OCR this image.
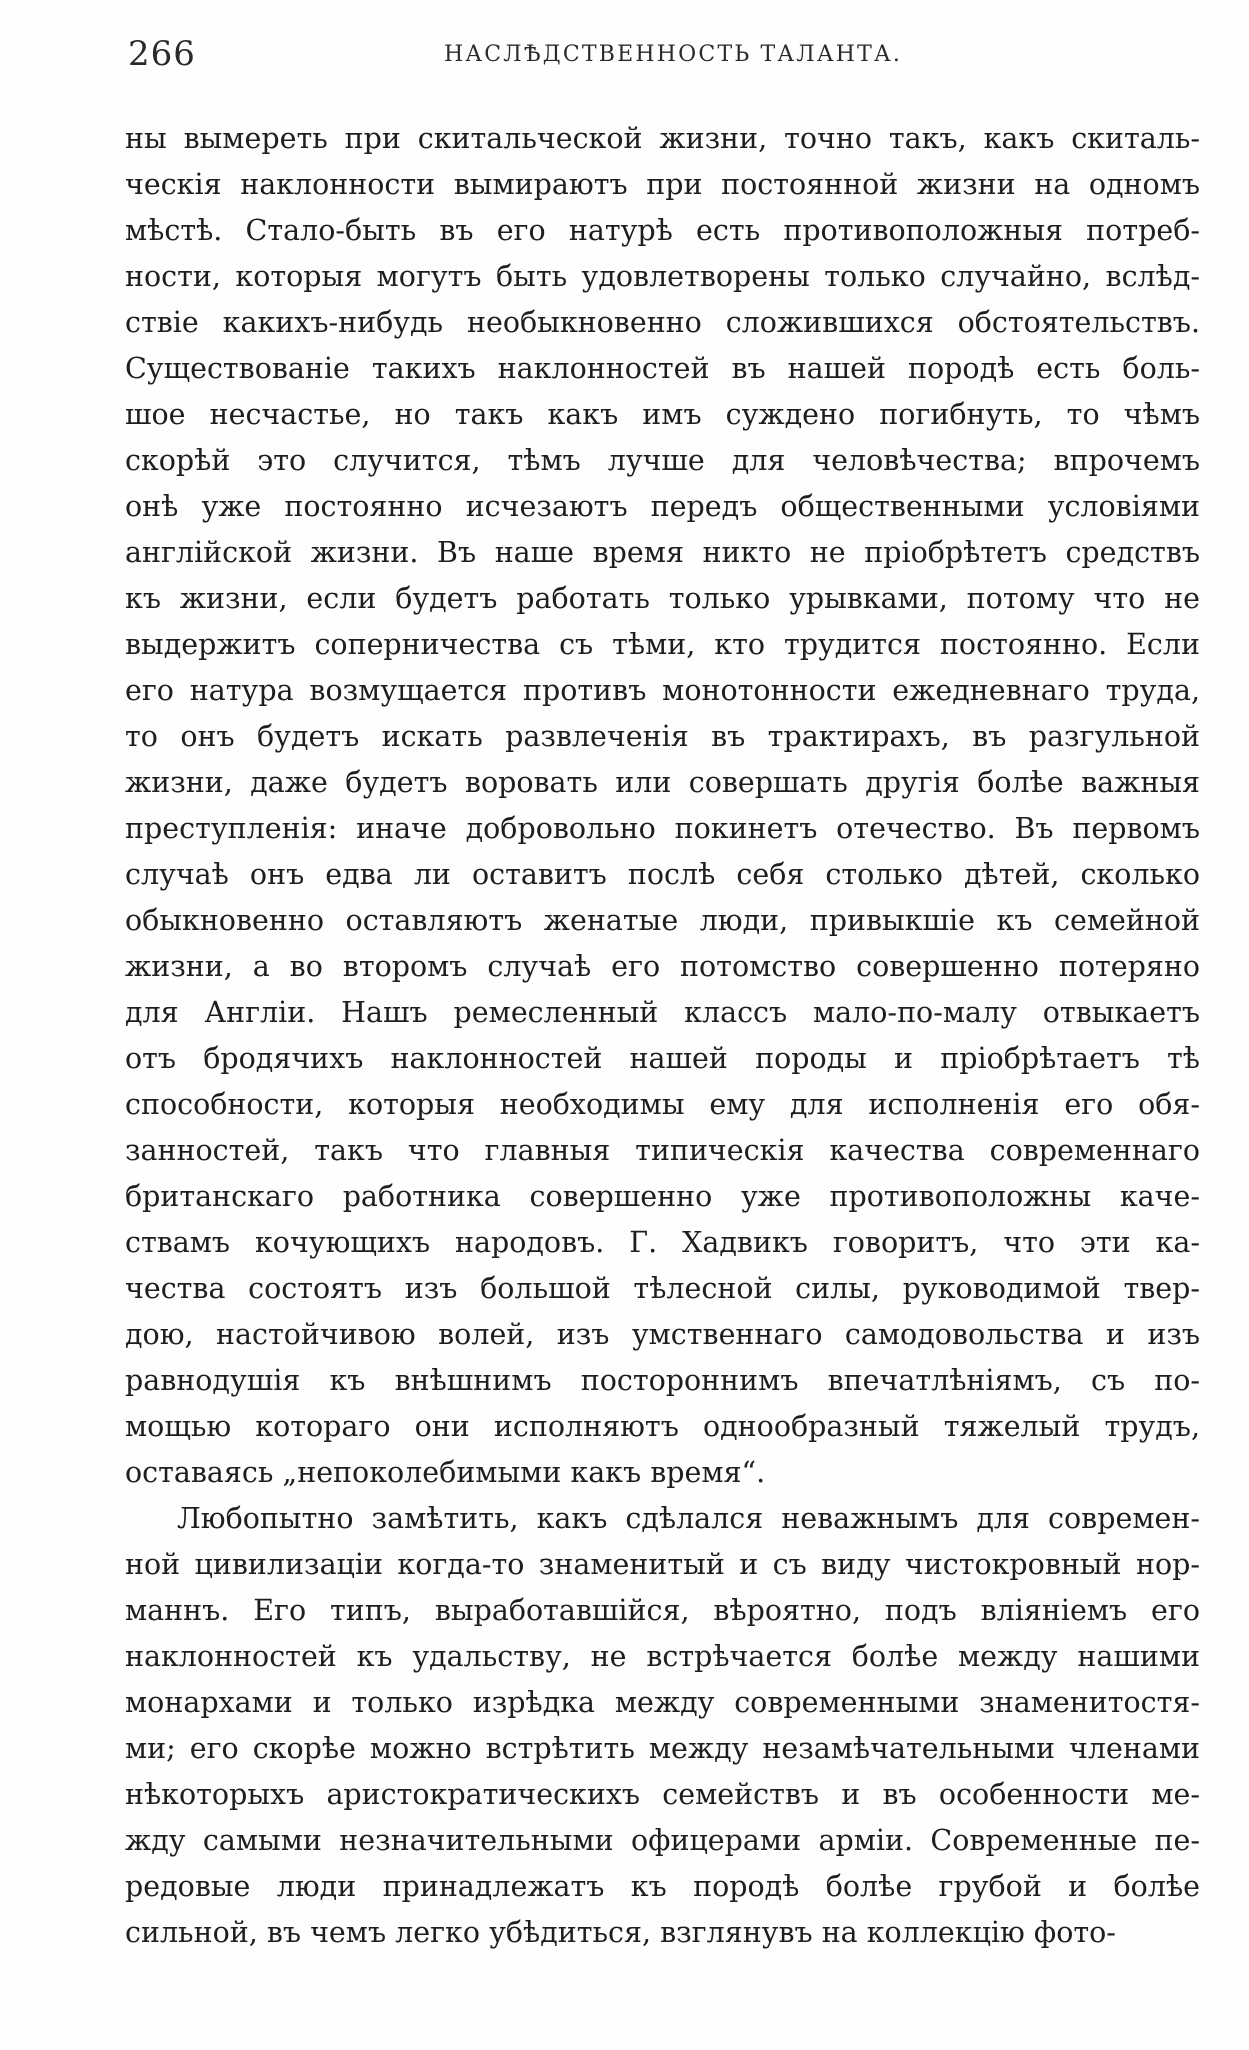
266	НАСЛѢДСТВЕННОСТЬ ТАЛАНТА.
ны вымереть при скитальческой жизни, точно такъ, какъ скиталь-
ческія наклонности вымираютъ при постоянной жизни на одномъ
мѣстѣ. Стало-быть въ его натурѣ есть противоположныя потреб-
ности, которыя могутъ быть удовлетворены только случайно, вслѣд-
ствіе какихъ-нибудь необыкновенно сложившихся обстоятельствъ.
Существованіе такихъ наклонностей въ нашей породѣ есть боль-
шое несчастье, но такъ какъ имъ суждено погибнуть, то чѣмъ
скорѣй это случится, тѣмъ лучше для человѣчества; впрочемъ
онѣ уже постоянно исчезаютъ передъ общественными условіями
англійской жизни. Въ наше время никто не пріобрѣтетъ средствъ
къ жизни, если будетъ работать только урывками, потому что не
выдержитъ соперничества съ тѣми, кто трудится постоянно. Если
его натура возмущается противъ монотонности ежедневнаго труда,
то онъ будетъ искать развлеченія въ трактирахъ, въ разгульной
жизни, даже будетъ воровать или совершать другія болѣе важныя
преступленія: иначе добровольно покинетъ отечество. Въ первомъ
случаѣ онъ едва ли оставитъ послѣ себя столько дѣтей, сколько
обыкновенно оставляютъ женатые люди, привыкшіе къ семейной
жизни, а во второмъ случаѣ его потомство совершенно потеряно
для Англіи. Нашъ ремесленный классъ мало-по-малу отвыкаетъ
отъ бродячихъ наклонностей нашей породы и пріобрѣтаетъ тѣ
способности, которыя необходимы ему для исполненія его обя-
занностей, такъ что главныя типическія качества современнаго
британскаго работника совершенно уже противоположны каче-
ствамъ кочующихъ народовъ. Г. Хадвикъ говоритъ, что эти ка-
чества состоятъ изъ большой тѣлесной силы, руководимой твер-
дою, настойчивою волей, изъ умственнаго самодовольства и изъ
равнодушія къ внѣшнимъ постороннимъ впечатлѣніямъ, съ по-
мощью котораго они исполняютъ однообразный тяжелый трудъ,
оставаясь „непоколебимыми какъ время“.
Любопытно замѣтить, какъ сдѣлался неважнымъ для современ-
ной цивилизаціи когда-то знаменитый и съ виду чистокровный нор-
маннъ. Его типъ, выработавшійся, вѣроятно, подъ вліяніемъ его
наклонностей къ удальству, не встрѣчается болѣе между нашими
монархами и только изрѣдка между современными знаменитостя-
ми; его скорѣе можно встрѣтить между незамѣчательными членами
нѣкоторыхъ аристократическихъ семействъ и въ особенности ме-
жду самыми незначительными офицерами арміи. Современные пе-
редовые люди принадлежатъ къ породѣ болѣе грубой и болѣе
сильной, въ чемъ легко убѣдиться, взглянувъ на коллекцію фото-
